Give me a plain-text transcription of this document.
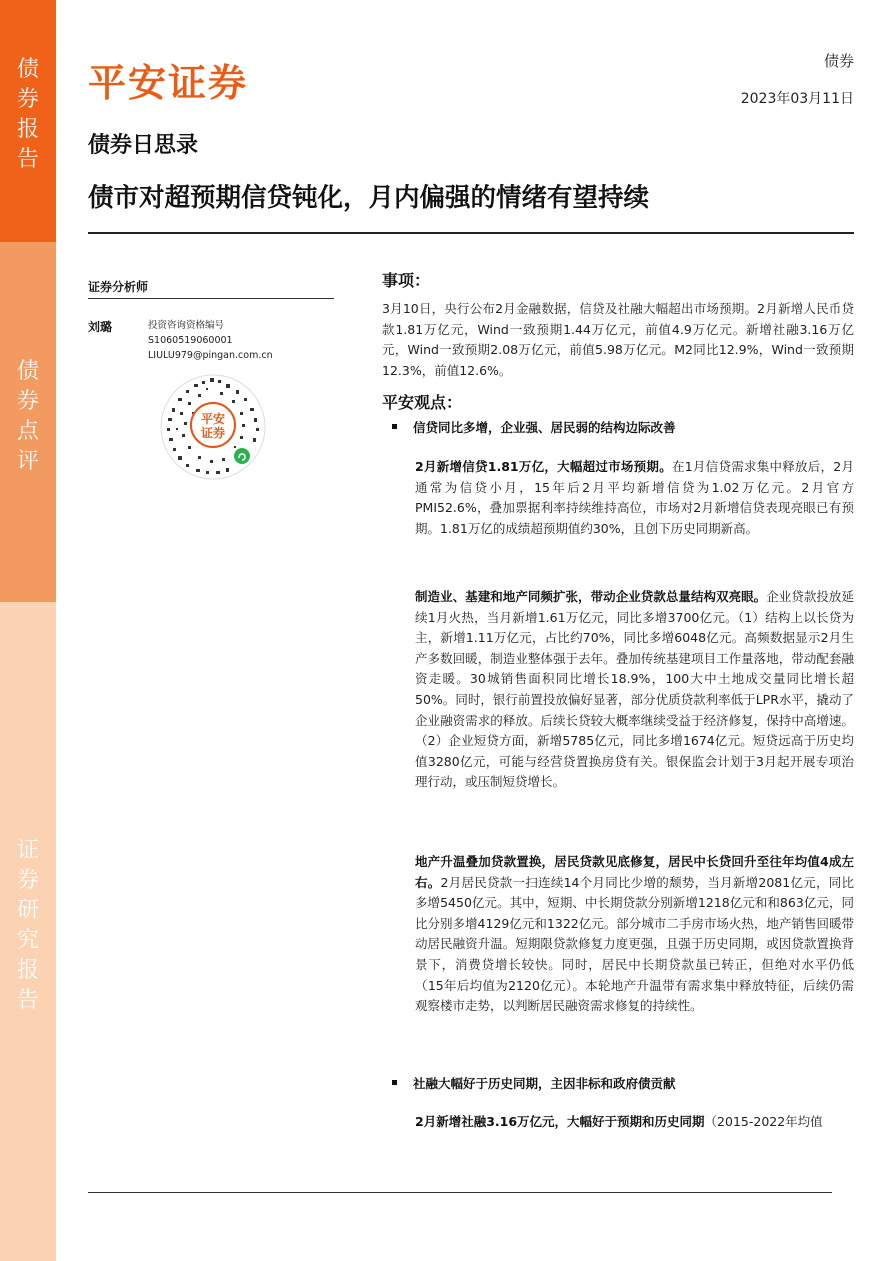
债
券
报
告
债
券
点
评
证
券
研
究
报
告
平安证券	债券
2023年03月11日
债券日思录
债市对超预期信贷钝化，月内偏强的情绪有望持续
证券分析师
刘璐	投资咨询资格编号
S1060519060001
LIULU979@pingan.com.cn
平安
证券
事项：
3月10日，央行公布2月金融数据，信贷及社融大幅超出市场预期。2月新增人民币贷款1.81万亿元，Wind一致预期1.44万亿元，前值4.9万亿元。新增社融3.16万亿元，Wind一致预期2.08万亿元，前值5.98万亿元。M2同比12.9%，Wind一致预期12.3%，前值12.6%。
平安观点：
信贷同比多增，企业强、居民弱的结构边际改善
2月新增信贷1.81万亿，大幅超过市场预期。在1月信贷需求集中释放后，2月通常为信贷小月，15年后2月平均新增信贷为1.02万亿元。2月官方PMI52.6%，叠加票据利率持续维持高位，市场对2月新增信贷表现亮眼已有预期。1.81万亿的成绩超预期值约30%，且创下历史同期新高。
制造业、基建和地产同频扩张，带动企业贷款总量结构双亮眼。企业贷款投放延续1月火热，当月新增1.61万亿元，同比多增3700亿元。（1）结构上以长贷为主，新增1.11万亿元，占比约70%，同比多增6048亿元。高频数据显示2月生产多数回暖，制造业整体强于去年。叠加传统基建项目工作量落地，带动配套融资走暖。30城销售面积同比增长18.9%，100大中土地成交量同比增长超50%。同时，银行前置投放偏好显著，部分优质贷款利率低于LPR水平，撬动了企业融资需求的释放。后续长贷较大概率继续受益于经济修复，保持中高增速。（2）企业短贷方面，新增5785亿元，同比多增1674亿元。短贷远高于历史均值3280亿元，可能与经营贷置换房贷有关。银保监会计划于3月起开展专项治理行动，或压制短贷增长。
地产升温叠加贷款置换，居民贷款见底修复，居民中长贷回升至往年均值4成左右。2月居民贷款一扫连续14个月同比少增的颓势，当月新增2081亿元，同比多增5450亿元。其中，短期、中长期贷款分别新增1218亿元和和863亿元，同比分别多增4129亿元和1322亿元。部分城市二手房市场火热，地产销售回暖带动居民融资升温。短期限贷款修复力度更强，且强于历史同期，或因贷款置换背景下，消费贷增长较快。同时，居民中长期贷款虽已转正，但绝对水平仍低（15年后均值为2120亿元）。本轮地产升温带有需求集中释放特征，后续仍需观察楼市走势，以判断居民融资需求修复的持续性。
社融大幅好于历史同期，主因非标和政府债贡献
2月新增社融3.16万亿元，大幅好于预期和历史同期（2015-2022年均值
